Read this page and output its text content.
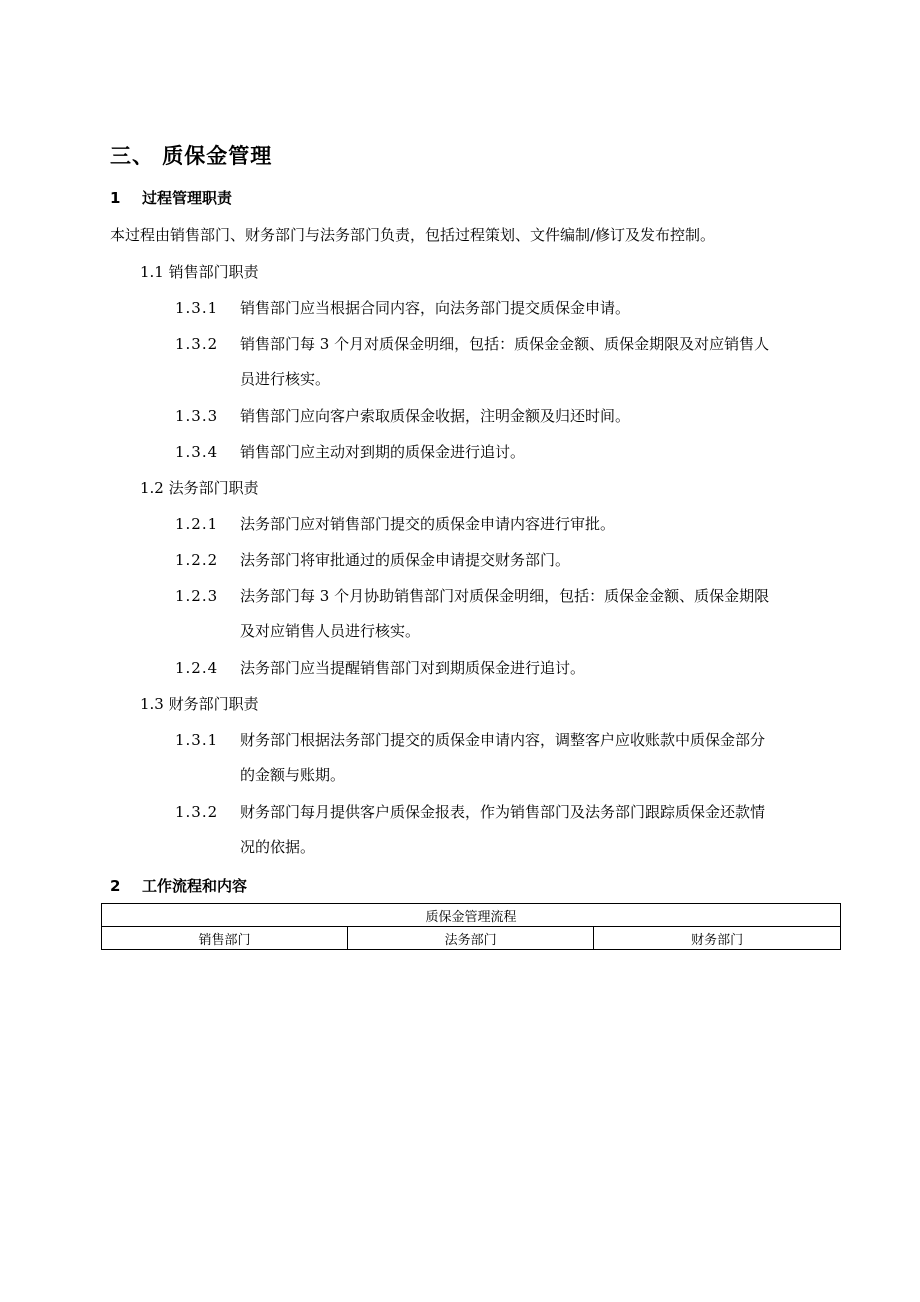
三、 质保金管理
1 过程管理职责
本过程由销售部门、财务部门与法务部门负责，包括过程策划、文件编制/修订及发布控制。
1.1 销售部门职责
1.3.1 销售部门应当根据合同内容，向法务部门提交质保金申请。
1.3.2 销售部门每 3 个月对质保金明细，包括：质保金金额、质保金期限及对应销售人
员进行核实。
1.3.3 销售部门应向客户索取质保金收据，注明金额及归还时间。
1.3.4 销售部门应主动对到期的质保金进行追讨。
1.2 法务部门职责
1.2.1 法务部门应对销售部门提交的质保金申请内容进行审批。
1.2.2 法务部门将审批通过的质保金申请提交财务部门。
1.2.3 法务部门每 3 个月协助销售部门对质保金明细，包括：质保金金额、质保金期限
及对应销售人员进行核实。
1.2.4 法务部门应当提醒销售部门对到期质保金进行追讨。
1.3 财务部门职责
1.3.1 财务部门根据法务部门提交的质保金申请内容，调整客户应收账款中质保金部分
的金额与账期。
1.3.2 财务部门每月提供客户质保金报表，作为销售部门及法务部门跟踪质保金还款情
况的依据。
2 工作流程和内容
质保金管理流程
销售部门	法务部门	财务部门
